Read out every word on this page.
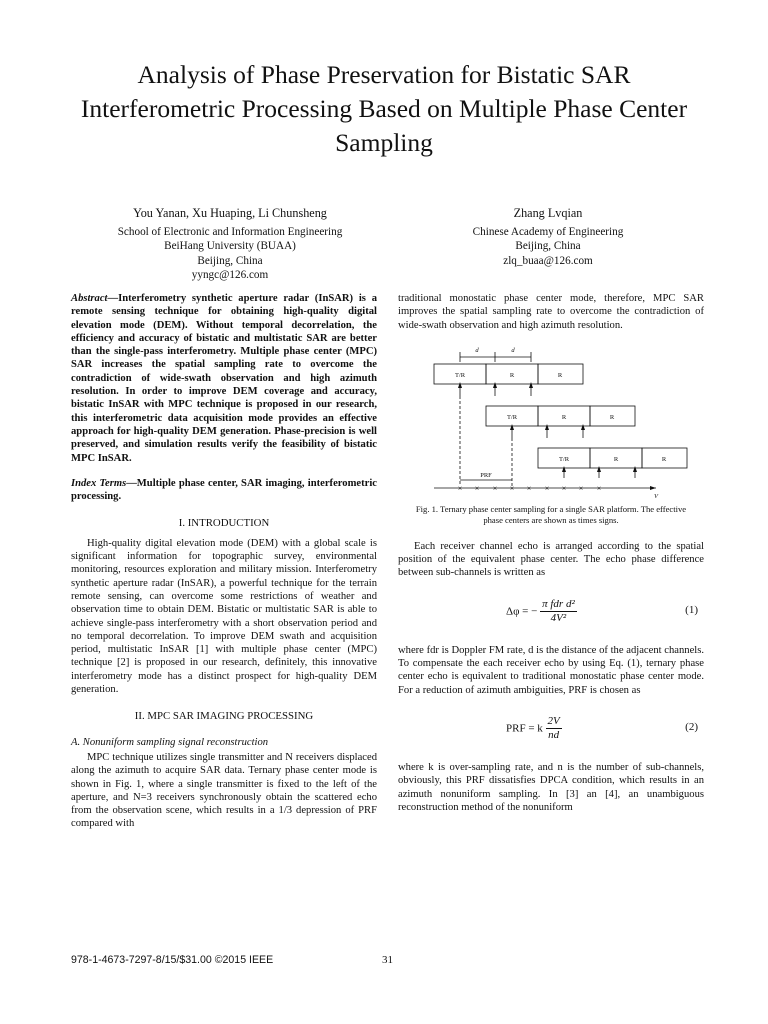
Analysis of Phase Preservation for Bistatic SAR Interferometric Processing Based on Multiple Phase Center Sampling
You Yanan, Xu Huaping, Li Chunsheng
School of Electronic and Information Engineering
BeiHang University (BUAA)
Beijing, China
yyngc@126.com
Zhang Lvqian
Chinese Academy of Engineering
Beijing, China
zlq_buaa@126.com

Abstract—Interferometry synthetic aperture radar (InSAR) is a remote sensing technique for obtaining high-quality digital elevation mode (DEM). Without temporal decorrelation, the efficiency and accuracy of bistatic and multistatic SAR are better than the single-pass interferometry. Multiple phase center (MPC) SAR increases the spatial sampling rate to overcome the contradiction of wide-swath observation and high azimuth resolution. In order to improve DEM coverage and accuracy, bistatic InSAR with MPC technique is proposed in our research, this interferometric data acquisition mode provides an effective approach for high-quality DEM generation. Phase-precision is well preserved, and simulation results verify the feasibility of bistatic MPC InSAR.

Index Terms—Multiple phase center, SAR imaging, interferometric processing.

I. INTRODUCTION

High-quality digital elevation mode (DEM) with a global scale is significant information for topographic survey, environmental monitoring, resources exploration and military mission. Interferometry synthetic aperture radar (InSAR), a powerful technique for the terrain remote sensing, can overcome some restrictions of weather and observation time to obtain DEM. Bistatic or multistatic SAR is able to achieve single-pass interferometry with a short observation period and no temporal decorrelation. To improve DEM swath and acquisition period, multistatic InSAR [1] with multiple phase center (MPC) technique [2] is proposed in our research, definitely, this innovative interferometry mode has a distinct prospect for high-quality DEM generation.

II. MPC SAR IMAGING PROCESSING
A. Nonuniform sampling signal reconstruction

MPC technique utilizes single transmitter and N receivers displaced along the azimuth to acquire SAR data. Ternary phase center mode is shown in Fig. 1, where a single transmitter is fixed to the left of the aperture, and N=3 receivers synchronously obtain the scattered echo from the observation scene, which results in a 1/3 depression of PRF compared with

traditional monostatic phase center mode, therefore, MPC SAR improves the spatial sampling rate to overcome the contradiction of wide-swath observation and high azimuth resolution.

d	d
T/R	R	R
T/R	R	R
T/R	R	R
PRF
V
× × × × × × × × ×

Fig. 1. Ternary phase center sampling for a single SAR platform. The effective phase centers are shown as times signs.

Each receiver channel echo is arranged according to the spatial position of the equivalent phase center. The echo phase difference between sub-channels is written as

Δφ = − $\frac{\text{π fdr d²}}{\text{4V²}}$	(1)

where fdr is Doppler FM rate, d is the distance of the adjacent channels. To compensate the each receiver echo by using Eq. (1), ternary phase center echo is equivalent to traditional monostatic phase center mode. For a reduction of azimuth ambiguities, PRF is chosen as

PRF = k $\frac{2V}{nd}$	(2)

where k is over-sampling rate, and n is the number of sub-channels, obviously, this PRF dissatisfies DPCA condition, which results in an azimuth nonuniform sampling. In [3] an [4], an unambiguous reconstruction method of the nonuniform

978-1-4673-7297-8/15/$31.00 ©2015 IEEE	31
